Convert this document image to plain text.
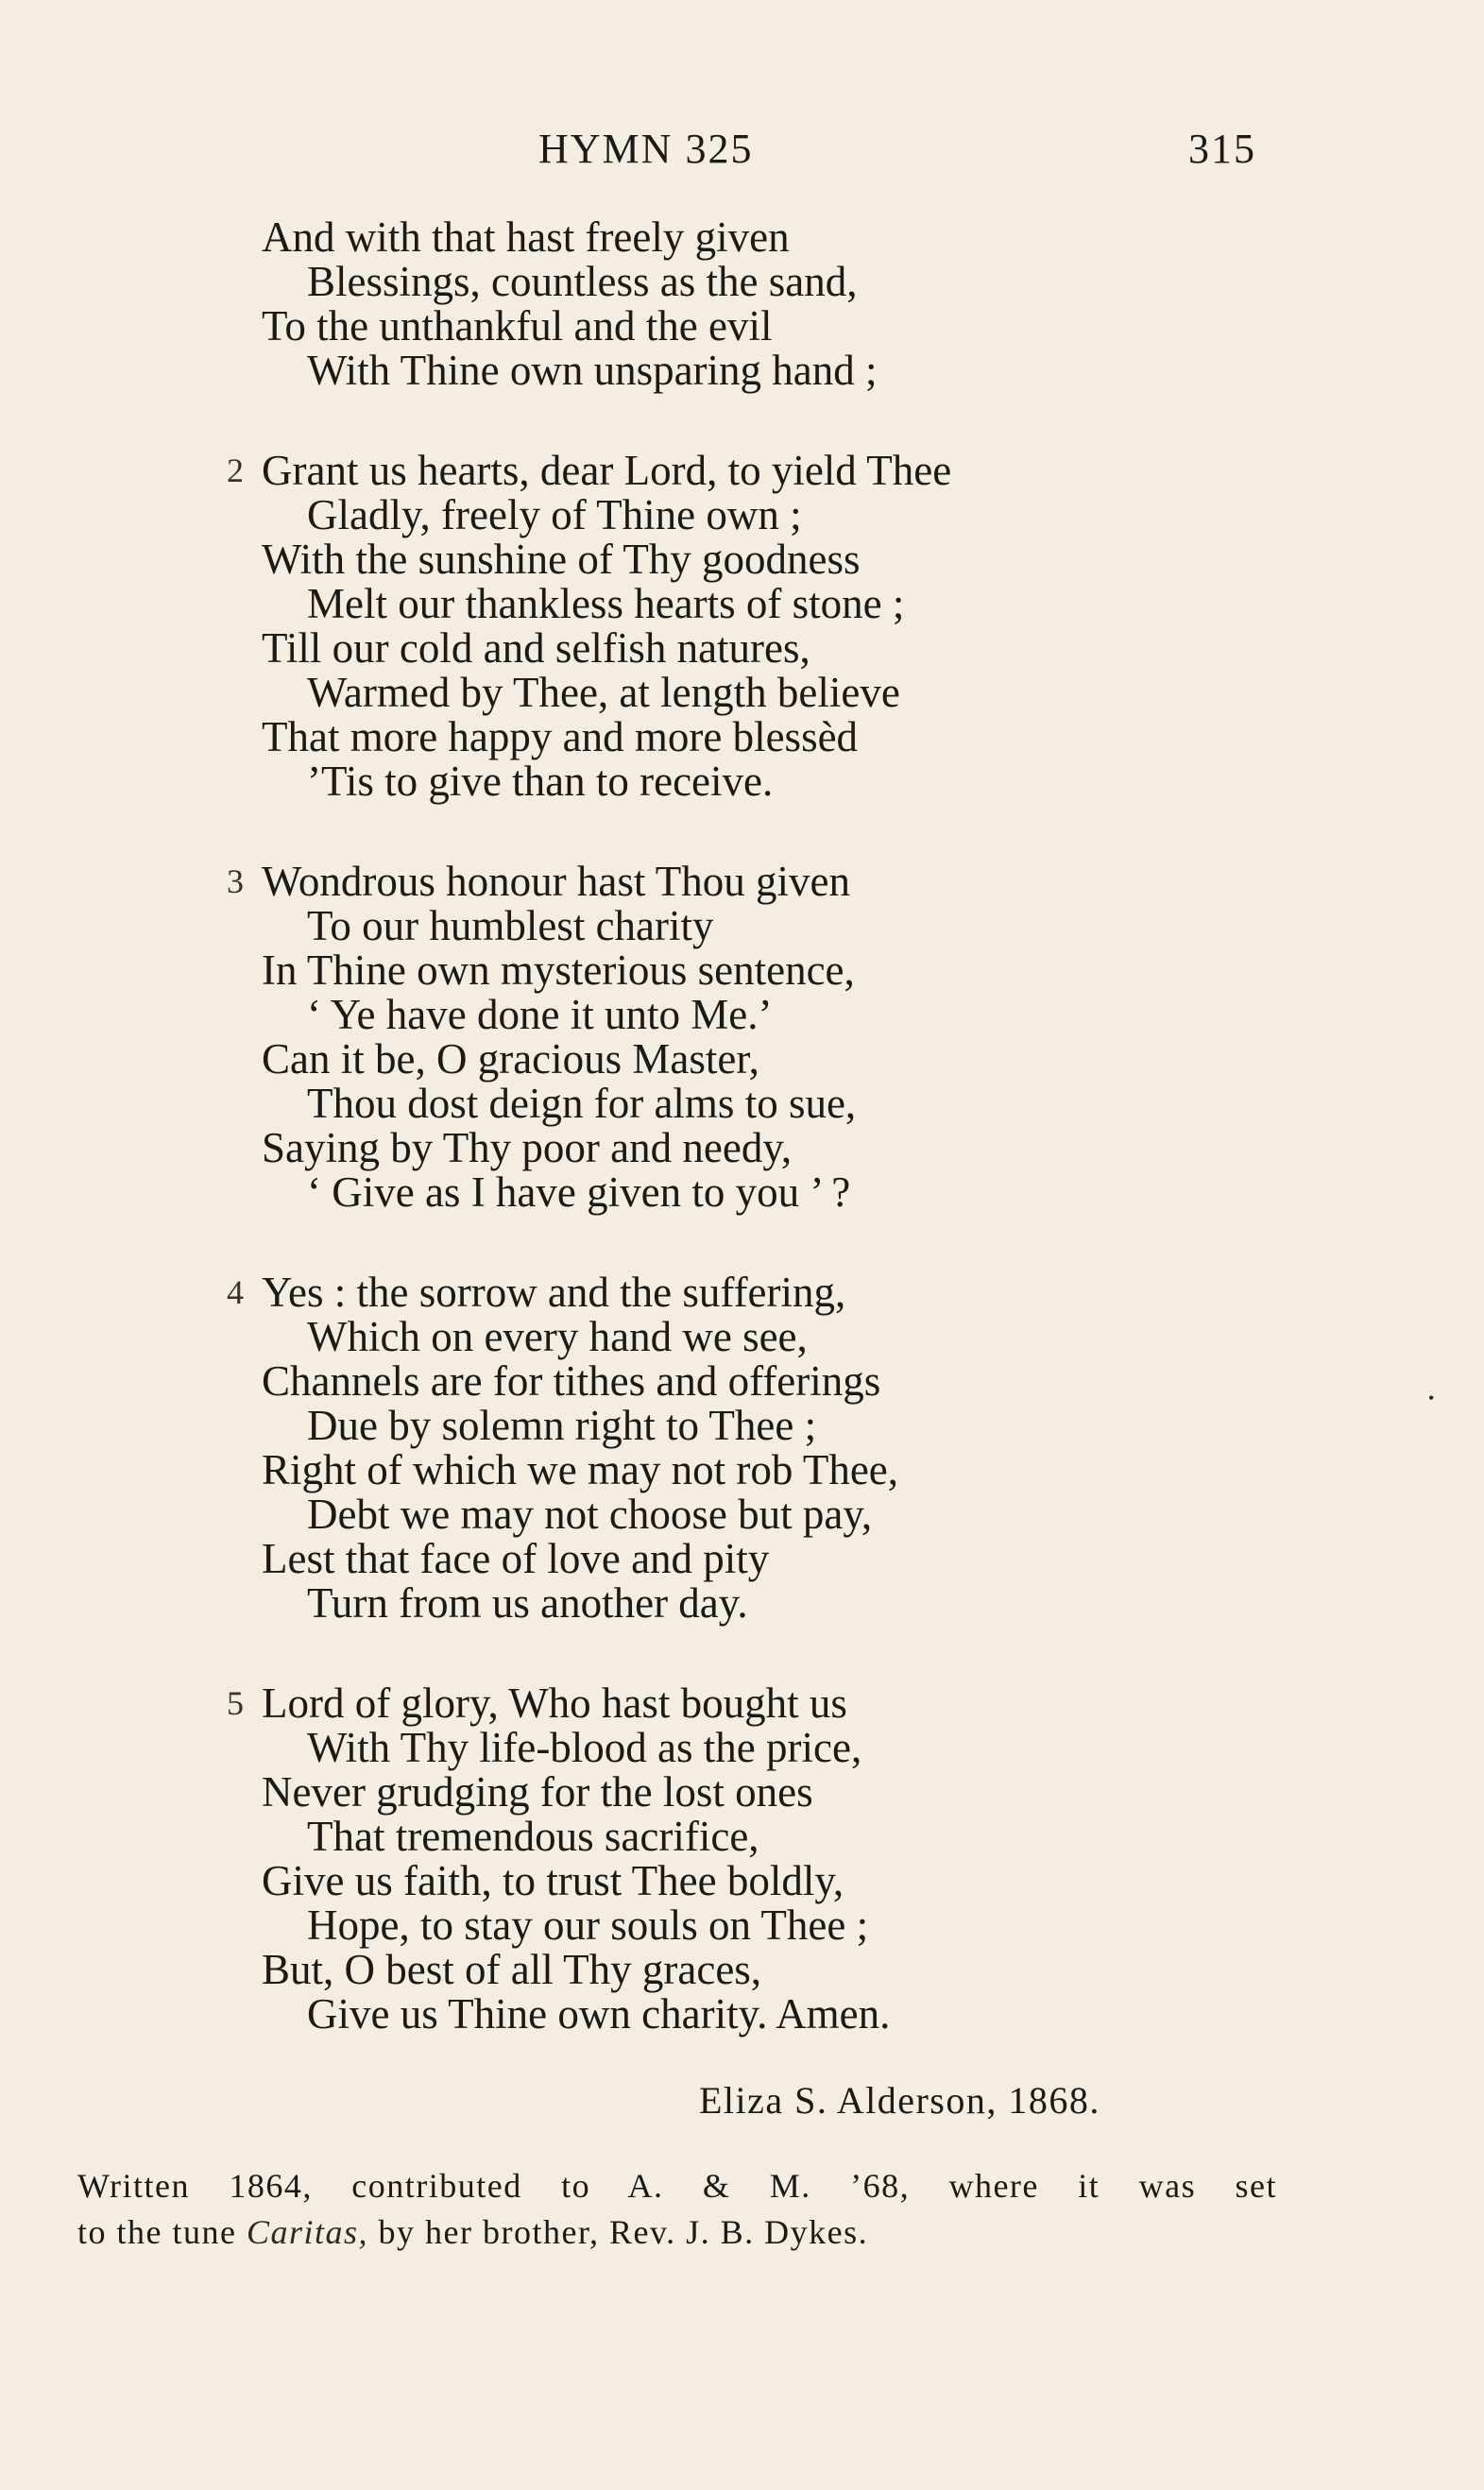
HYMN 325	315
And with that hast freely given
Blessings, countless as the sand,
To the unthankful and the evil
With Thine own unsparing hand ;
2 Grant us hearts, dear Lord, to yield Thee
Gladly, freely of Thine own ;
With the sunshine of Thy goodness
Melt our thankless hearts of stone ;
Till our cold and selfish natures,
Warmed by Thee, at length believe
That more happy and more blessèd
’Tis to give than to receive.
3 Wondrous honour hast Thou given
To our humblest charity
In Thine own mysterious sentence,
‘ Ye have done it unto Me.’
Can it be, O gracious Master,
Thou dost deign for alms to sue,
Saying by Thy poor and needy,
‘ Give as I have given to you ’ ?
4 Yes : the sorrow and the suffering,
Which on every hand we see,
Channels are for tithes and offerings
Due by solemn right to Thee ;
Right of which we may not rob Thee,
Debt we may not choose but pay,
Lest that face of love and pity
Turn from us another day.
5 Lord of glory, Who hast bought us
With Thy life-blood as the price,
Never grudging for the lost ones
That tremendous sacrifice,
Give us faith, to trust Thee boldly,
Hope, to stay our souls on Thee ;
But, O best of all Thy graces,
Give us Thine own charity. Amen.
Eliza S. Alderson, 1868.
Written 1864, contributed to A. & M. ’68, where it was set
to the tune Caritas, by her brother, Rev. J. B. Dykes.
•
